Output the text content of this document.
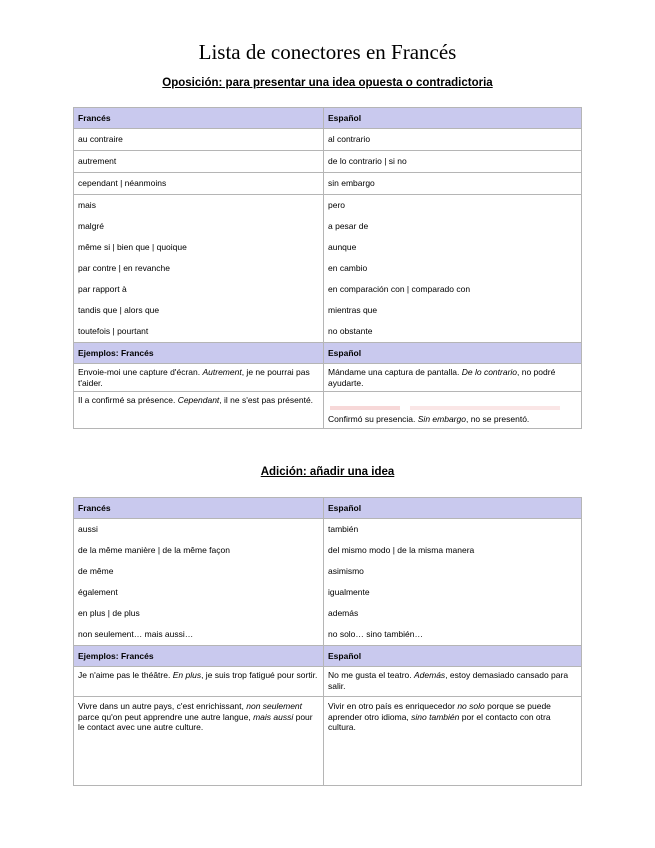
Lista de conectores en Francés
Oposición: para presentar una idea opuesta o contradictoria
Francés	Español
au contraire	al contrario
autrement	de lo contrario | si no
cependant | néanmoins	sin embargo
mais	pero
malgré	a pesar de
même si | bien que | quoique	aunque
par contre | en revanche	en cambio
par rapport à	en comparación con | comparado con
tandis que | alors que	mientras que
toutefois | pourtant	no obstante
Ejemplos: Francés	Español
Envoie-moi une capture d'écran. Autrement, je ne pourrai pas t'aider.	Mándame una captura de pantalla. De lo contrario, no podré ayudarte.
Il a confirmé sa présence. Cependant, il ne s'est pas présenté.	Confirmó su presencia. Sin embargo, no se presentó.
Adición: añadir una idea
Francés	Español
aussi	también
de la même manière | de la même façon	del mismo modo | de la misma manera
de même	asimismo
également	igualmente
en plus | de plus	además
non seulement… mais aussi…	no solo… sino también…
Ejemplos: Francés	Español
Je n'aime pas le théâtre. En plus, je suis trop fatigué pour sortir.	No me gusta el teatro. Además, estoy demasiado cansado para salir.
Vivre dans un autre pays, c'est enrichissant, non seulement parce qu'on peut apprendre une autre langue, mais aussi pour le contact avec une autre culture.	Vivir en otro país es enriquecedor no solo porque se puede aprender otro idioma, sino también por el contacto con otra cultura.
